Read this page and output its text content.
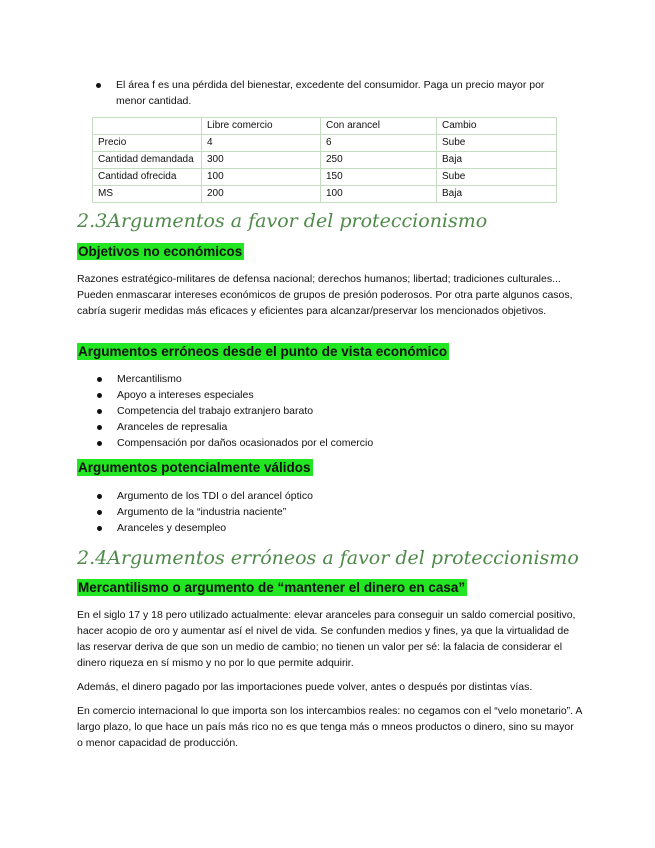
El área f es una pérdida del bienestar, excedente del consumidor. Paga un precio mayor por menor cantidad.
	Libre comercio	Con arancel	Cambio
Precio	4	6	Sube
Cantidad demandada	300	250	Baja
Cantidad ofrecida	100	150	Sube
MS	200	100	Baja
2.3Argumentos a favor del proteccionismo
Objetivos no económicos

Razones estratégico-militares de defensa nacional; derechos humanos; libertad; tradiciones culturales... Pueden enmascarar intereses económicos de grupos de presión poderosos. Por otra parte algunos casos, cabría sugerir medidas más eficaces y eficientes para alcanzar/preservar los mencionados objetivos.

Argumentos erróneos desde el punto de vista económico
Mercantilismo
Apoyo a intereses especiales
Competencia del trabajo extranjero barato
Aranceles de represalia
Compensación por daños ocasionados por el comercio
Argumentos potencialmente válidos
Argumento de los TDI o del arancel óptico
Argumento de la “industria naciente”
Aranceles y desempleo
2.4Argumentos erróneos a favor del proteccionismo
Mercantilismo o argumento de “mantener el dinero en casa”

En el siglo 17 y 18 pero utilizado actualmente: elevar aranceles para conseguir un saldo comercial positivo, hacer acopio de oro y aumentar así el nivel de vida. Se confunden medios y fines, ya que la virtualidad de las reservar deriva de que son un medio de cambio; no tienen un valor per sé: la falacia de considerar el dinero riqueza en sí mismo y no por lo que permite adquirir.

Además, el dinero pagado por las importaciones puede volver, antes o después por distintas vías.

En comercio internacional lo que importa son los intercambios reales: no cegamos con el “velo monetario”. A largo plazo, lo que hace un país más rico no es que tenga más o mneos productos o dinero, sino su mayor o menor capacidad de producción.
